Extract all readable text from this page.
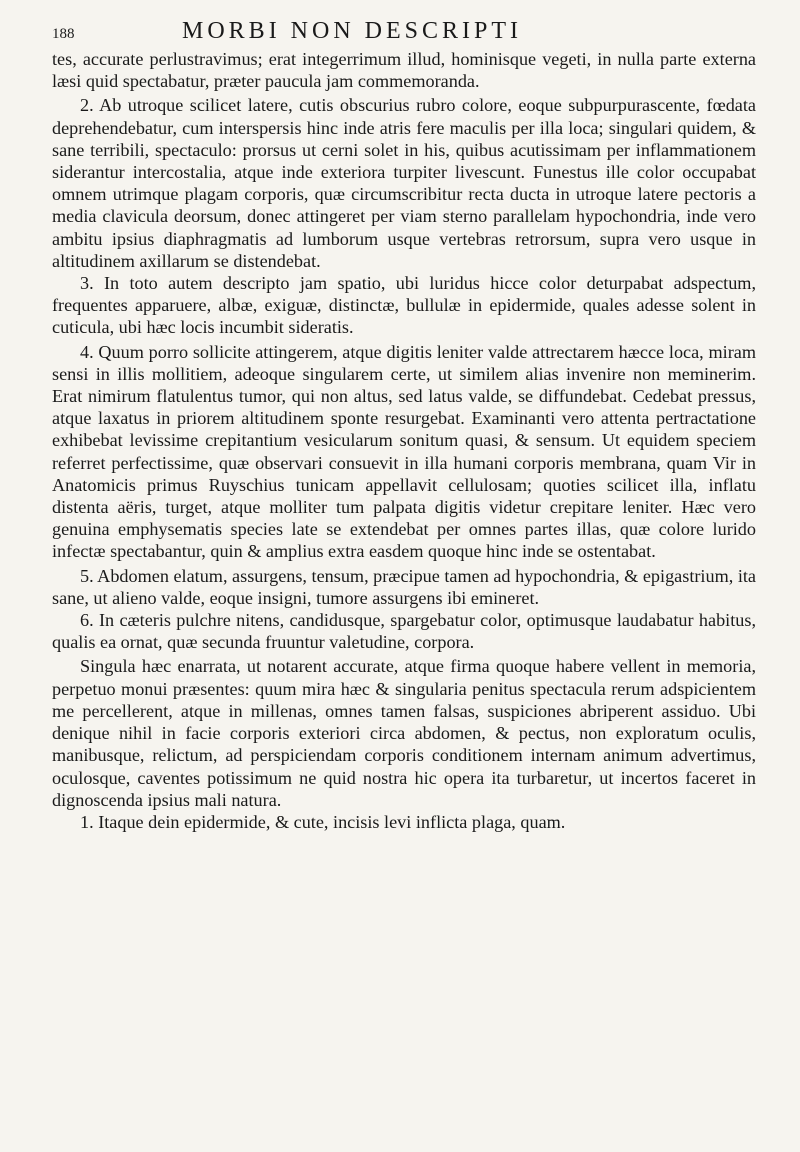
188	MORBI NON DESCRIPTI

tes, accurate perlustravimus; erat integerrimum illud, hominisque vegeti, in nulla parte externa læsi quid spectabatur, præter paucula jam commemoranda.

2. Ab utroque scilicet latere, cutis obscurius rubro colore, eoque subpurpurascente, fœdata deprehendebatur, cum interspersis hinc inde atris fere maculis per illa loca; singulari quidem, & sane terribili, spectaculo: prorsus ut cerni solet in his, quibus acutissimam per inflammationem siderantur intercostalia, atque inde exteriora turpiter livescunt. Funestus ille color occupabat omnem utrimque plagam corporis, quæ circumscribitur recta ducta in utroque latere pectoris a media clavicula deorsum, donec attingeret per viam sterno parallelam hypochondria, inde vero ambitu ipsius diaphragmatis ad lumborum usque vertebras retrorsum, supra vero usque in altitudinem axillarum se distendebat.

3. In toto autem descripto jam spatio, ubi luridus hicce color deturpabat adspectum, frequentes apparuere, albæ, exiguæ, distinctæ, bullulæ in epidermide, quales adesse solent in cuticula, ubi hæc locis incumbit sideratis.

4. Quum porro sollicite attingerem, atque digitis leniter valde attrectarem hæcce loca, miram sensi in illis mollitiem, adeoque singularem certe, ut similem alias invenire non meminerim. Erat nimirum flatulentus tumor, qui non altus, sed latus valde, se diffundebat. Cedebat pressus, atque laxatus in priorem altitudinem sponte resurgebat. Examinanti vero attenta pertractatione exhibebat levissime crepitantium vesicularum sonitum quasi, & sensum. Ut equidem speciem referret perfectissime, quæ observari consuevit in illa humani corporis membrana, quam Vir in Anatomicis primus Ruyschius tunicam appellavit cellulosam; quoties scilicet illa, inflatu distenta aëris, turget, atque molliter tum palpata digitis videtur crepitare leniter. Hæc vero genuina emphysematis species late se extendebat per omnes partes illas, quæ colore lurido infectæ spectabantur, quin & amplius extra easdem quoque hinc inde se ostentabat.

5. Abdomen elatum, assurgens, tensum, præcipue tamen ad hypochondria, & epigastrium, ita sane, ut alieno valde, eoque insigni, tumore assurgens ibi emineret.

6. In cæteris pulchre nitens, candidusque, spargebatur color, optimusque laudabatur habitus, qualis ea ornat, quæ secunda fruuntur valetudine, corpora.

Singula hæc enarrata, ut notarent accurate, atque firma quoque habere vellent in memoria, perpetuo monui præsentes: quum mira hæc & singularia penitus spectacula rerum adspicientem me percellerent, atque in millenas, omnes tamen falsas, suspiciones abriperent assiduo. Ubi denique nihil in facie corporis exteriori circa abdomen, & pectus, non exploratum oculis, manibusque, relictum, ad perspiciendam corporis conditionem internam animum advertimus, oculosque, caventes potissimum ne quid nostra hic opera ita turbaretur, ut incertos faceret in dignoscenda ipsius mali natura.

1. Itaque dein epidermide, & cute, incisis levi inflicta plaga, quam.
